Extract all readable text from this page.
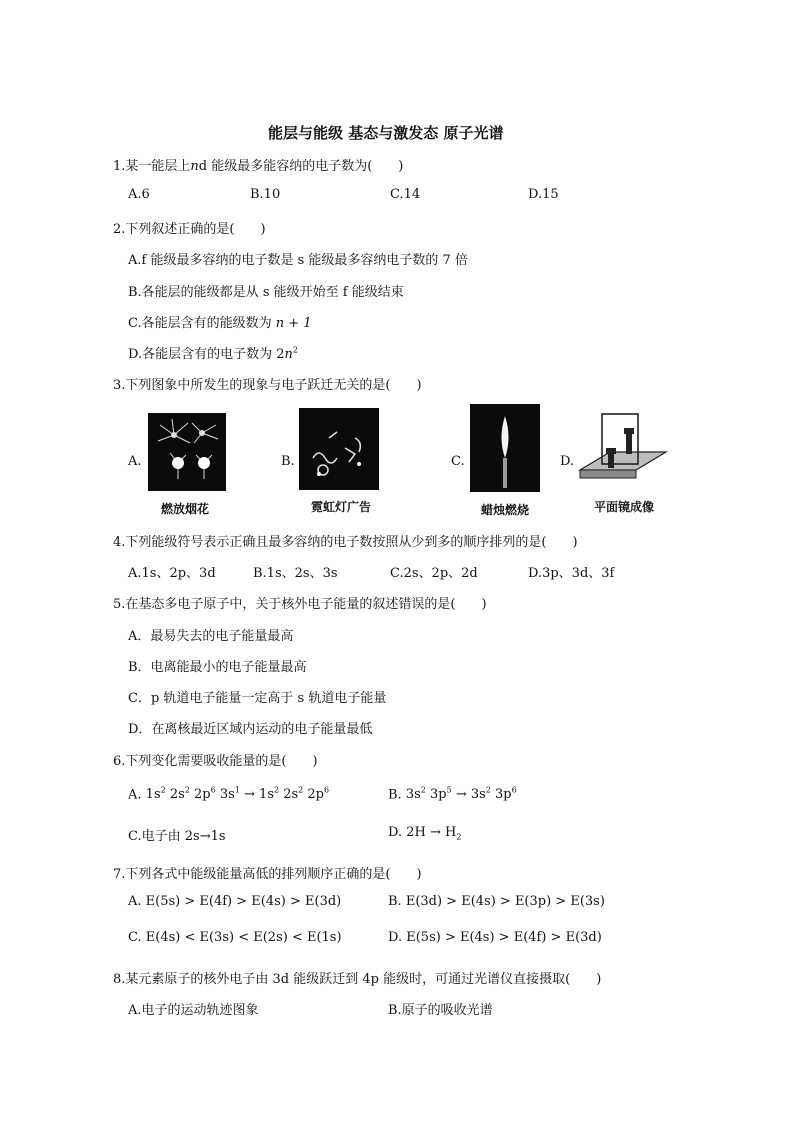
能层与能级 基态与激发态 原子光谱
1.某一能层上nd 能级最多能容纳的电子数为(　　)
A.6	B.10	C.14	D.15
2.下列叙述正确的是(　　)
A.f 能级最多容纳的电子数是 s 能级最多容纳电子数的 7 倍
B.各能层的能级都是从 s 能级开始至 f 能级结束
C.各能层含有的能级数为 n + 1
D.各能层含有的电子数为 $2n^2$
3.下列图象中所发生的现象与电子跃迁无关的是(　　)
A.
燃放烟花
B.
霓虹灯广告
C.
蜡烛燃烧
D.
平面镜成像
4.下列能级符号表示正确且最多容纳的电子数按照从少到多的顺序排列的是(　　)
A.1s、2p、3d	B.1s、2s、3s	C.2s、2p、2d	D.3p、3d、3f
5.在基态多电子原子中，关于核外电子能量的叙述错误的是(　　)
A．最易失去的电子能量最高
B．电离能最小的电子能量最高
C．p 轨道电子能量一定高于 s 轨道电子能量
D．在离核最近区域内运动的电子能量最低
6.下列变化需要吸收能量的是(　　)
A. $1s^2$ $2s^2$ $2p^6$ $3s^1 \to 1s^2$ $2s^2$ $2p^6$	B. $3s^2$ $3p^5 \to 3s^2$ $3p^6$
C.电子由 2s→1s	D. $2H \to H_2$
7.下列各式中能级能量高低的排列顺序正确的是(　　)
A. E(5s) > E(4f) > E(4s) > E(3d)	B. E(3d) > E(4s) > E(3p) > E(3s)
C. E(4s) < E(3s) < E(2s) < E(1s)	D. E(5s) > E(4s) > E(4f) > E(3d)
8.某元素原子的核外电子由 3d 能级跃迁到 4p 能级时，可通过光谱仪直接摄取(　　)
A.电子的运动轨迹图象	B.原子的吸收光谱
